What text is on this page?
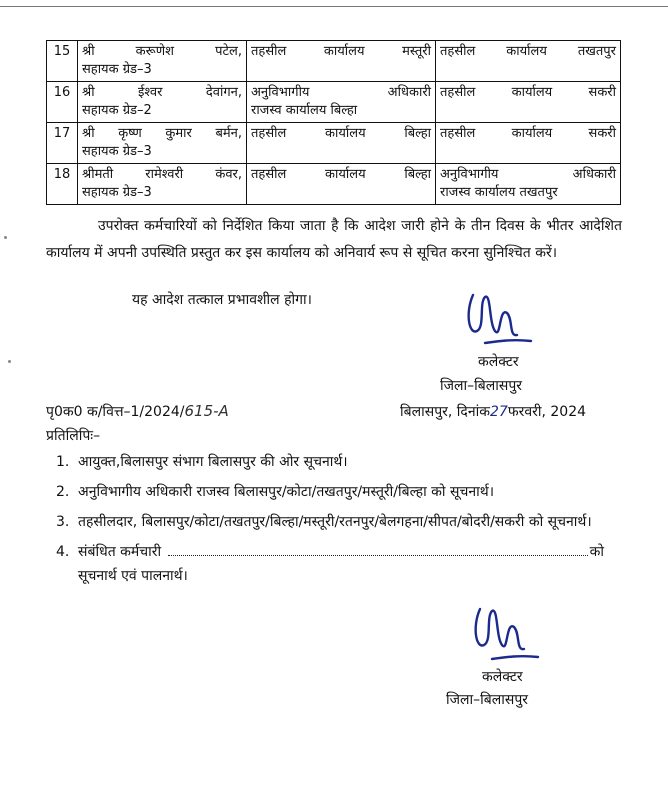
15	श्री करूणेश पटेल,
सहायक ग्रेड–3	तहसील कार्यालय मस्तूरी	तहसील कार्यालय तखतपुर

16	श्री ईश्वर देवांगन,
सहायक ग्रेड–2	अनुविभागीय अधिकारी
राजस्व कार्यालय बिल्हा	तहसील कार्यालय सकरी

17	श्री कृष्ण कुमार बर्मन,
सहायक ग्रेड–3	तहसील कार्यालय बिल्हा	तहसील कार्यालय सकरी

18	श्रीमती रामेश्वरी कंवर,
सहायक ग्रेड–3	तहसील कार्यालय बिल्हा	अनुविभागीय अधिकारी
राजस्व कार्यालय तखतपुर
उपरोक्त कर्मचारियों को निर्देशित किया जाता है कि आदेश जारी होने के तीन दिवस के भीतर आदेशित कार्यालय में अपनी उपस्थिति प्रस्तुत कर इस कार्यालय को अनिवार्य रूप से सूचित करना सुनिश्चित करें।
यह आदेश तत्काल प्रभावशील होगा।
कलेक्टर
जिला–बिलासपुर
पृ0क0 क/वित्त–1/2024/615-A	बिलासपुर, दिनांक27फरवरी, 2024
प्रतिलिपिः–
1. आयुक्त,बिलासपुर संभाग बिलासपुर की ओर सूचनार्थ।
2. अनुविभागीय अधिकारी राजस्व बिलासपुर/कोटा/तखतपुर/मस्तूरी/बिल्हा को सूचनार्थ।
3. तहसीलदार, बिलासपुर/कोटा/तखतपुर/बिल्हा/मस्तूरी/रतनपुर/बेलगहना/सीपत/बोदरी/सकरी को सूचनार्थ।
4. संबंधित कर्मचारी	को
सूचनार्थ एवं पालनार्थ।
कलेक्टर
जिला–बिलासपुर
